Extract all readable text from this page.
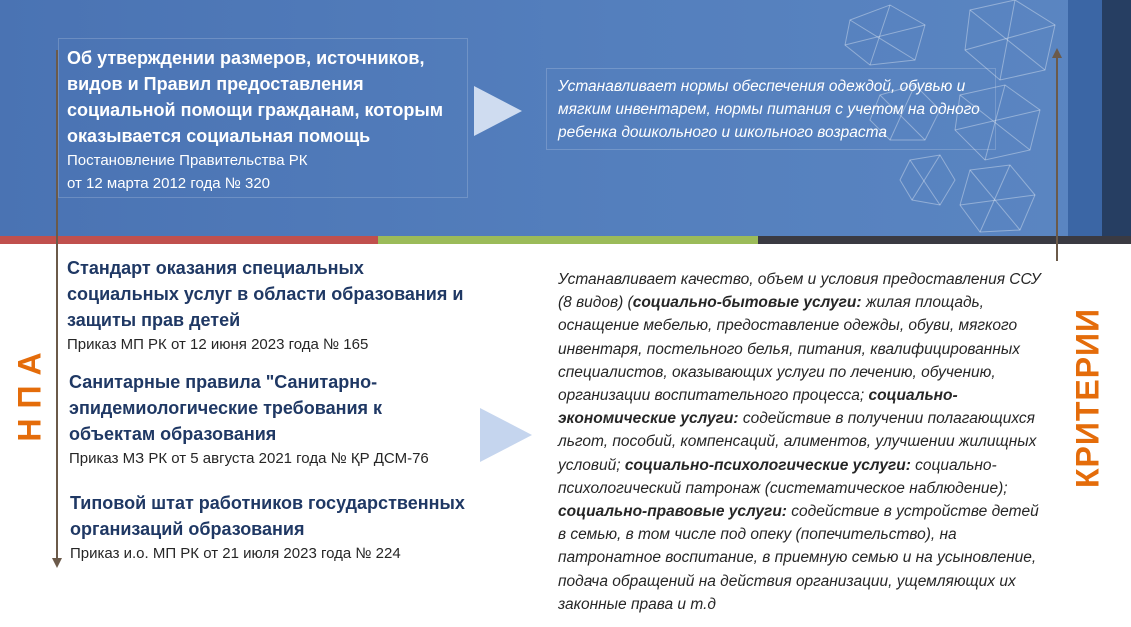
Об утверждении размеров, источников, видов и Правил предоставления социальной помощи гражданам, которым оказывается социальная помощь
Постановление Правительства РК
от 12 марта 2012 года № 320
Устанавливает нормы обеспечения одеждой, обувью и мягким инвентарем, нормы питания с учетом на одного ребенка дошкольного и школьного возраста
НПА	КРИТЕРИИ
Стандарт оказания специальных социальных услуг в области образования и защиты прав детей
Приказ МП РК от 12 июня 2023 года № 165
Санитарные правила "Санитарно-эпидемиологические требования к объектам образования
Приказ МЗ РК от 5 августа 2021 года № ҚР ДСМ-76
Типовой штат работников государственных организаций образования
Приказ и.о. МП РК от 21 июля 2023 года № 224
Устанавливает качество, объем и условия предоставления ССУ (8 видов) (социально-бытовые услуги: жилая площадь, оснащение мебелью, предоставление одежды, обуви, мягкого инвентаря, постельного белья, питания, квалифицированных специалистов, оказывающих услуги по лечению, обучению, организации воспитательного процесса; социально-экономические услуги: содействие в получении полагающихся льгот, пособий, компенсаций, алиментов, улучшении жилищных условий; социально-психологические услуги: социально-психологический патронаж (систематическое наблюдение); социально-правовые услуги: содействие в устройстве детей в семью, в том числе под опеку (попечительство), на патронатное воспитание, в приемную семью и на усыновление, подача обращений на действия организации, ущемляющих их законные права и т.д
